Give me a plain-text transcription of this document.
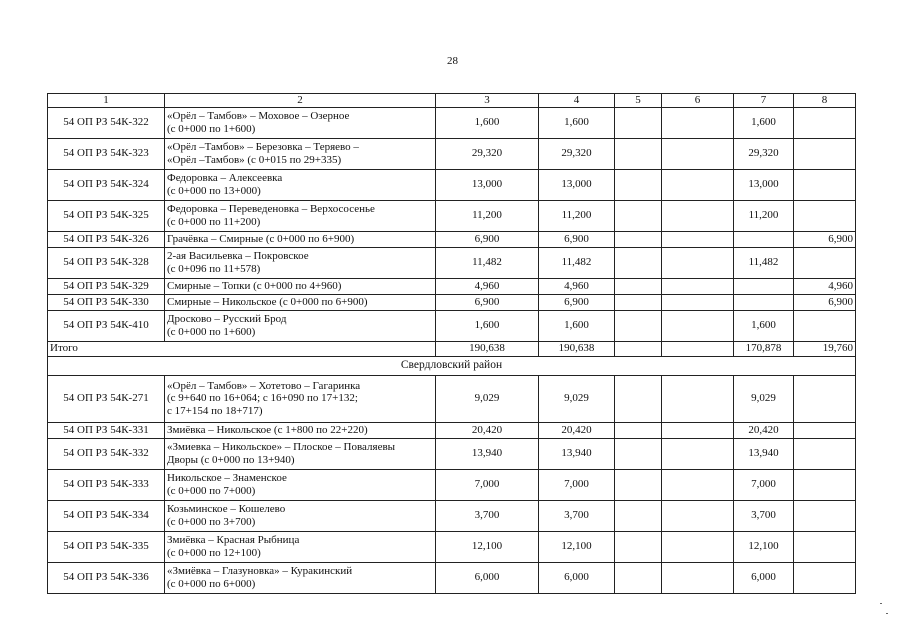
28
1	2	3	4	5	6	7	8
54 ОП РЗ 54К-322	«Орёл – Тамбов» – Моховое – Озерное
(с 0+000 по 1+600)	1,600	1,600			1,600	
54 ОП РЗ 54К-323	«Орёл –Тамбов» – Березовка – Теряево –
«Орёл –Тамбов» (с 0+015 по 29+335)	29,320	29,320			29,320	
54 ОП РЗ 54К-324	Федоровка – Алексеевка
(с 0+000 по 13+000)	13,000	13,000			13,000	
54 ОП РЗ 54К-325	Федоровка – Переведеновка – Верхососенье
(с 0+000 по 11+200)	11,200	11,200			11,200	
54 ОП РЗ 54К-326	Грачёвка – Смирные (с 0+000 по 6+900)	6,900	6,900				6,900
54 ОП РЗ 54К-328	2-ая Васильевка – Покровское
(с 0+096 по 11+578)	11,482	11,482			11,482	
54 ОП РЗ 54К-329	Смирные – Топки (с 0+000 по 4+960)	4,960	4,960				4,960
54 ОП РЗ 54К-330	Смирные – Никольское (с 0+000 по 6+900)	6,900	6,900				6,900
54 ОП РЗ 54К-410	Дросково – Русский Брод
(с 0+000 по 1+600)	1,600	1,600			1,600	
Итого		190,638	190,638			170,878	19,760
Свердловский район							
54 ОП РЗ 54К-271	«Орёл – Тамбов» – Хотетово – Гагаринка
(с 9+640 по 16+064; с 16+090 по 17+132;
с 17+154 по 18+717)	9,029	9,029			9,029	
54 ОП РЗ 54К-331	Змиёвка – Никольское (с 1+800 по 22+220)	20,420	20,420			20,420	
54 ОП РЗ 54К-332	«Змиевка – Никольское» – Плоское – Поваляевы
Дворы (с 0+000 по 13+940)	13,940	13,940			13,940	
54 ОП РЗ 54К-333	Никольское – Знаменское
(с 0+000 по 7+000)	7,000	7,000			7,000	
54 ОП РЗ 54К-334	Козьминское – Кошелево
(с 0+000 по 3+700)	3,700	3,700			3,700	
54 ОП РЗ 54К-335	Змиёвка – Красная Рыбница
(с 0+000 по 12+100)	12,100	12,100			12,100	
54 ОП РЗ 54К-336	«Змиёвка – Глазуновка» – Куракинский
(с 0+000 по 6+000)	6,000	6,000			6,000	
